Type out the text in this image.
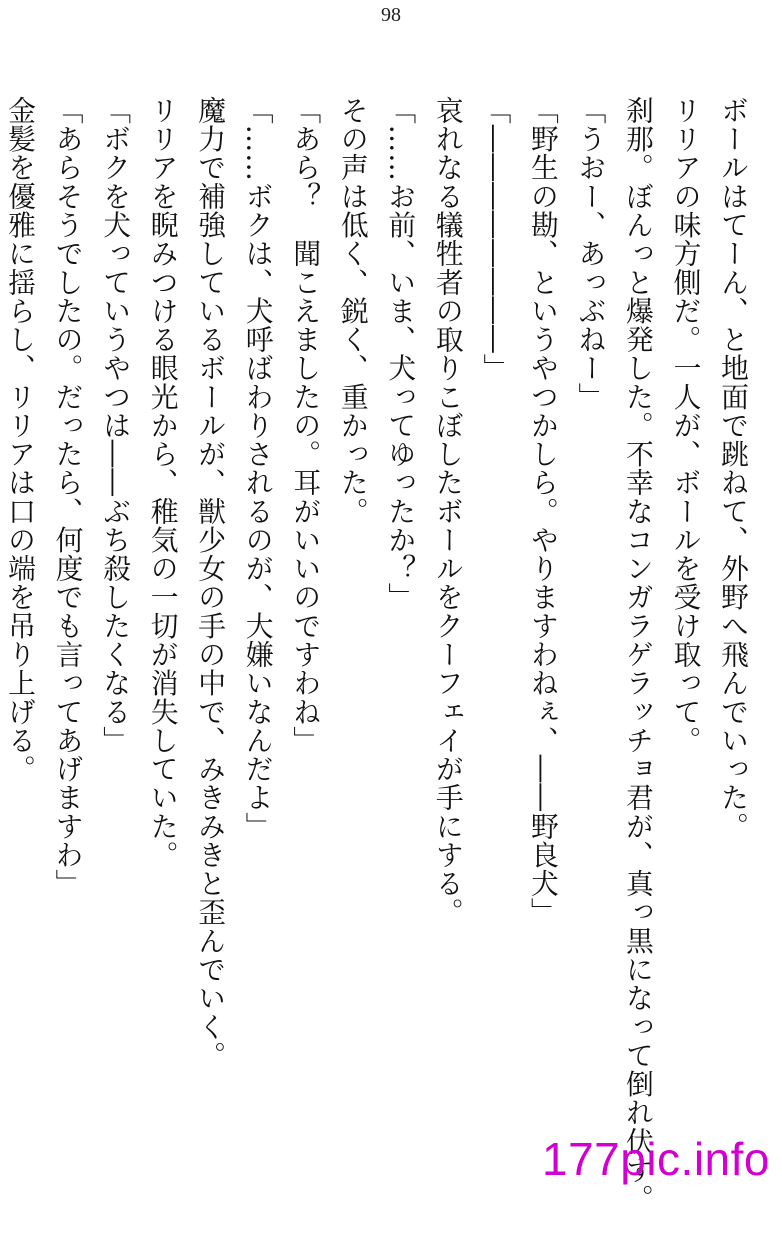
98
ボールはてーん、と地面で跳ねて、外野へ飛んでいった。
リリアの味方側だ。一人が、ボールを受け取って。
刹那。ぼんっと爆発した。不幸なコンガラゲラッチョ君が、真っ黒になって倒れ伏す。
「うおー、あっぶねー」
「野生の勘、というやつかしら。やりますわねぇ、――野良犬」
「――――――――」
哀れなる犠牲者の取りこぼしたボールをクーフェイが手にする。
「……お前、いま、犬ってゆったか？」
その声は低く、鋭く、重かった。
「あら？　聞こえましたの。耳がいいのですわね」
「……ボクは、犬呼ばわりされるのが、大嫌いなんだよ」
魔力で補強しているボールが、獣少女の手の中で、みきみきと歪んでいく。
リリアを睨みつける眼光から、稚気の一切が消失していた。
「ボクを犬っていうやつは――ぶち殺したくなる」
「あらそうでしたの。だったら、何度でも言ってあげますわ」
金髪を優雅に揺らし、リリアは口の端を吊り上げる。
177pic.info
